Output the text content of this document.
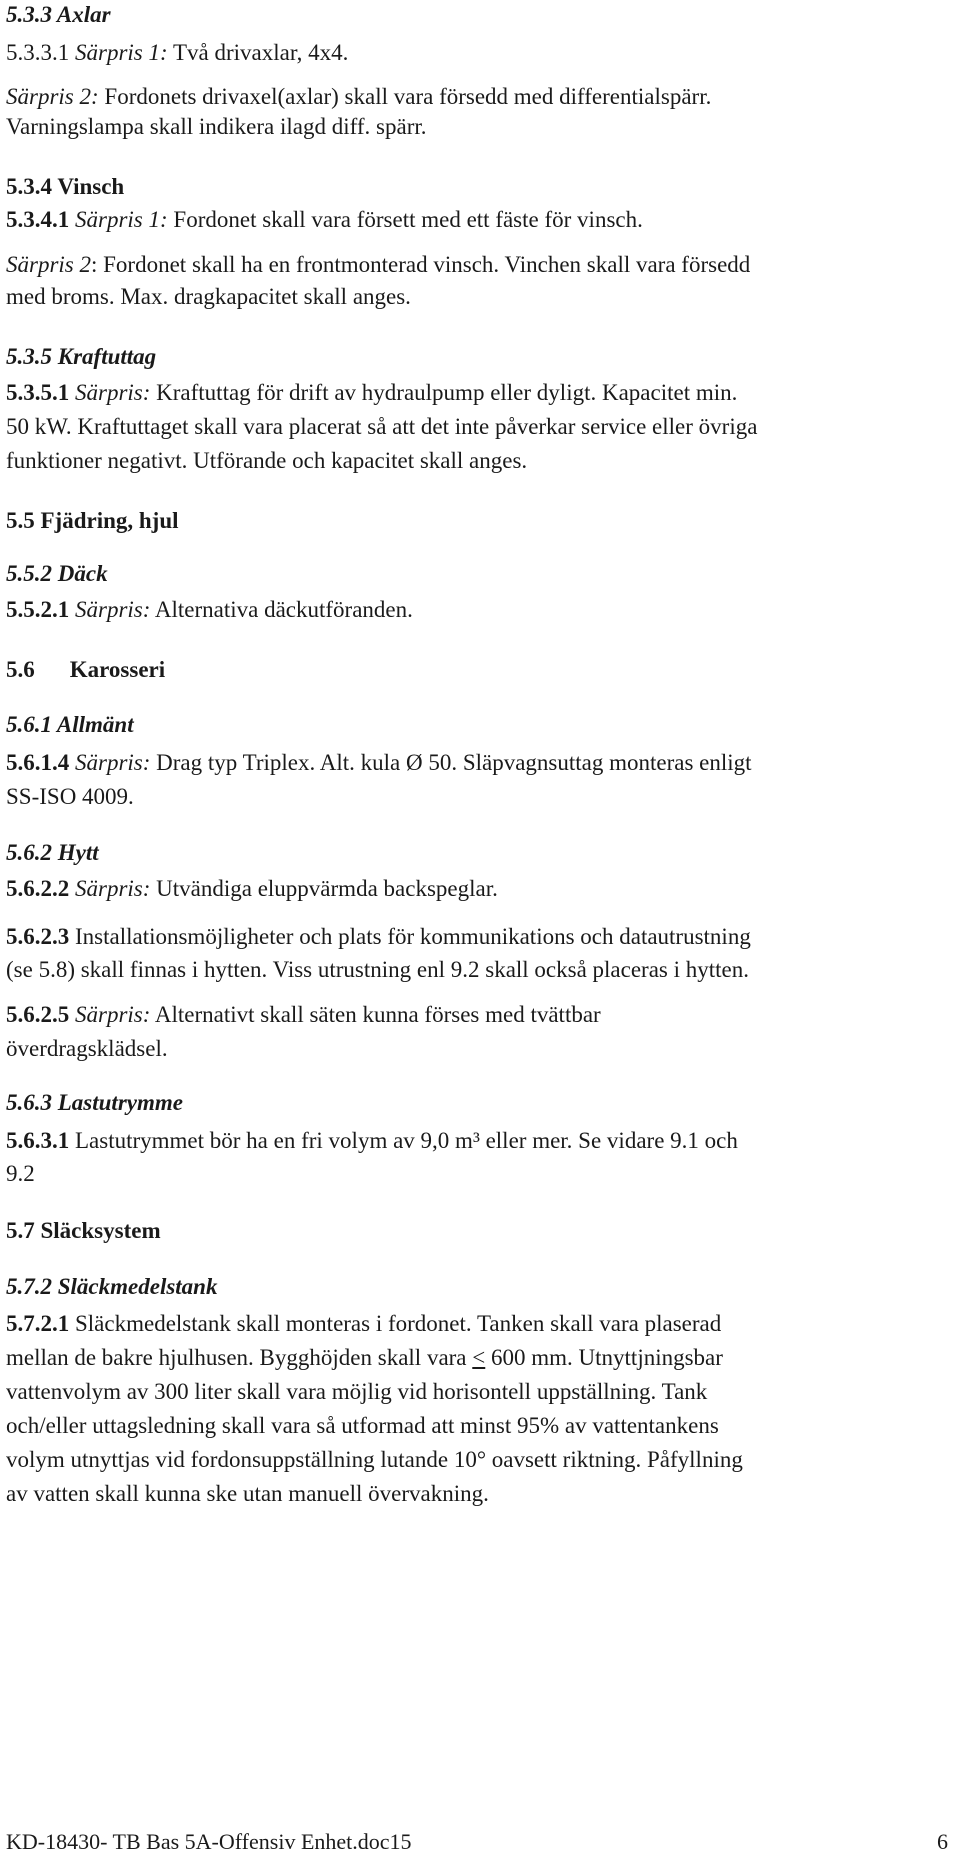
5.3.3 Axlar
5.3.3.1 Särpris 1: Två drivaxlar, 4x4.
Särpris 2: Fordonets drivaxel(axlar) skall vara försedd med differentialspärr.
Varningslampa skall indikera ilagd diff. spärr.
5.3.4 Vinsch
5.3.4.1 Särpris 1: Fordonet skall vara försett med ett fäste för vinsch.
Särpris 2: Fordonet skall ha en frontmonterad vinsch. Vinchen skall vara försedd
med broms. Max. dragkapacitet skall anges.
5.3.5 Kraftuttag
5.3.5.1 Särpris: Kraftuttag för drift av hydraulpump eller dyligt. Kapacitet min.
50 kW. Kraftuttaget skall vara placerat så att det inte påverkar service eller övriga
funktioner negativt. Utförande och kapacitet skall anges.
5.5 Fjädring, hjul
5.5.2 Däck
5.5.2.1 Särpris: Alternativa däckutföranden.
5.6 Karosseri
5.6.1 Allmänt
5.6.1.4 Särpris: Drag typ Triplex. Alt. kula Ø 50. Släpvagnsuttag monteras enligt
SS-ISO 4009.
5.6.2 Hytt
5.6.2.2 Särpris: Utvändiga eluppvärmda backspeglar.
5.6.2.3 Installationsmöjligheter och plats för kommunikations och datautrustning
(se 5.8) skall finnas i hytten. Viss utrustning enl 9.2 skall också placeras i hytten.
5.6.2.5 Särpris: Alternativt skall säten kunna förses med tvättbar
överdragsklädsel.
5.6.3 Lastutrymme
5.6.3.1 Lastutrymmet bör ha en fri volym av 9,0 m³ eller mer. Se vidare 9.1 och
9.2
5.7 Släcksystem
5.7.2 Släckmedelstank
5.7.2.1 Släckmedelstank skall monteras i fordonet. Tanken skall vara plaserad
mellan de bakre hjulhusen. Bygghöjden skall vara ≤ 600 mm. Utnyttjningsbar
vattenvolym av 300 liter skall vara möjlig vid horisontell uppställning. Tank
och/eller uttagsledning skall vara så utformad att minst 95% av vattentankens
volym utnyttjas vid fordonsuppställning lutande 10° oavsett riktning. Påfyllning
av vatten skall kunna ske utan manuell övervakning.
KD-18430- TB Bas 5A-Offensiv Enhet.doc15	6
